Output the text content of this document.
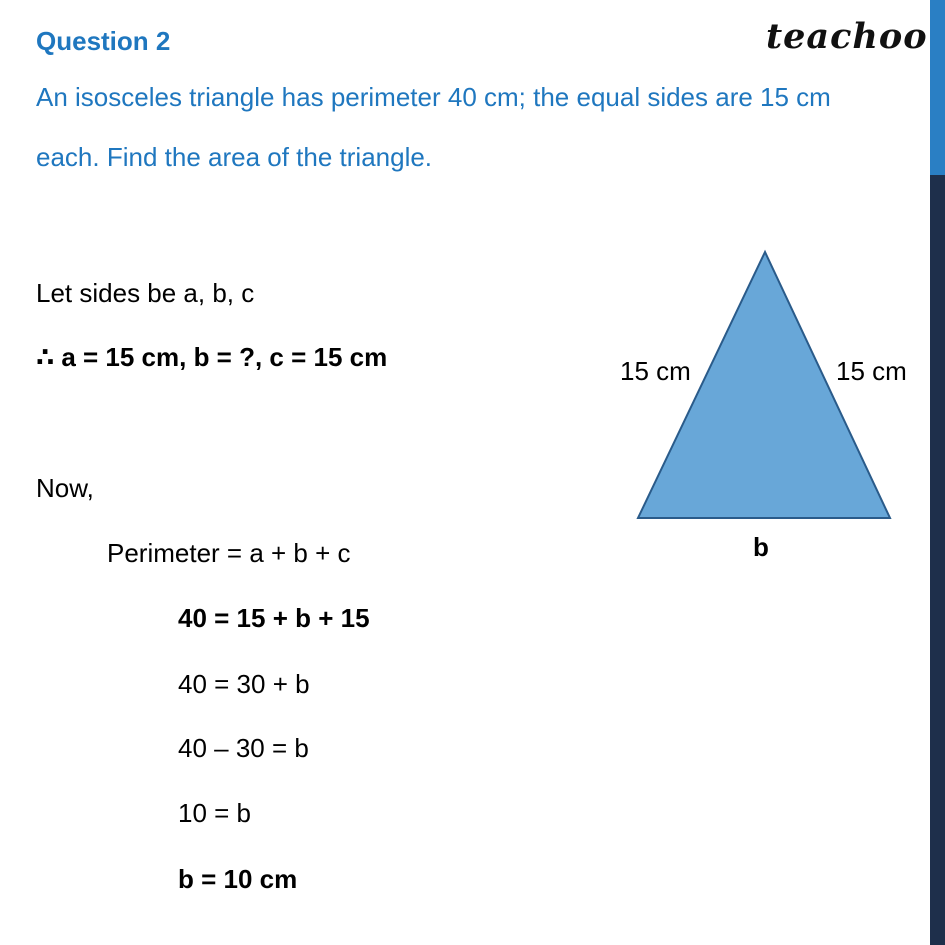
Question 2	teachoo
An isosceles triangle has perimeter 40 cm; the equal sides are 15 cm
each. Find the area of the triangle.
Let sides be a, b, c
∴ a = 15 cm, b = ?, c = 15 cm
Now,
Perimeter = a + b + c
40 = 15 + b + 15
40 = 30 + b
40 – 30 = b
10 = b
b = 10 cm
15 cm	15 cm
b
